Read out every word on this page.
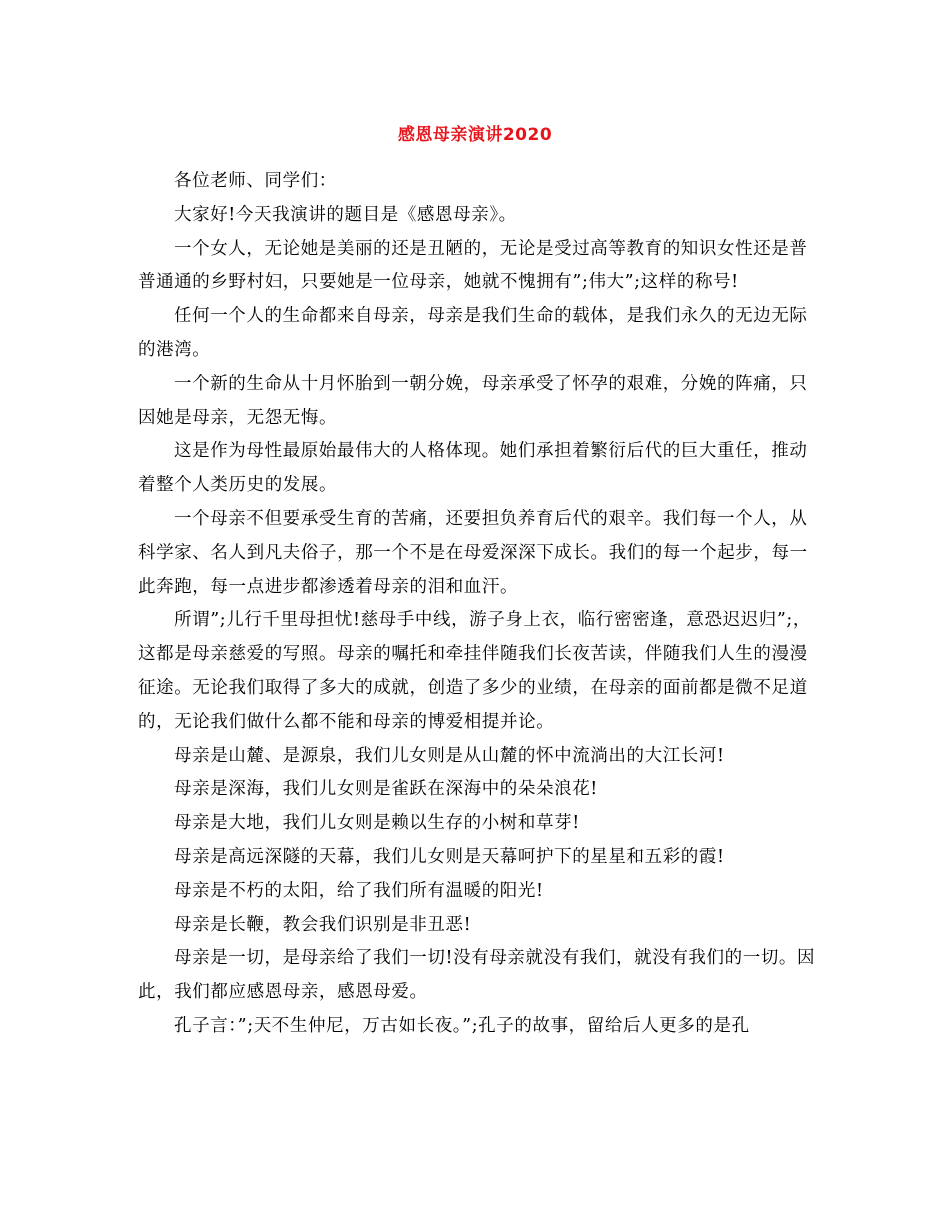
感恩母亲演讲2020

各位老师、同学们：

大家好!今天我演讲的题目是《感恩母亲》。

一个女人，无论她是美丽的还是丑陋的，无论是受过高等教育的知识女性还是普普通通的乡野村妇，只要她是一位母亲，她就不愧拥有”;伟大”;这样的称号!

任何一个人的生命都来自母亲，母亲是我们生命的载体，是我们永久的无边无际的港湾。

一个新的生命从十月怀胎到一朝分娩，母亲承受了怀孕的艰难，分娩的阵痛，只因她是母亲，无怨无悔。

这是作为母性最原始最伟大的人格体现。她们承担着繁衍后代的巨大重任，推动着整个人类历史的发展。

一个母亲不但要承受生育的苦痛，还要担负养育后代的艰辛。我们每一个人，从科学家、名人到凡夫俗子，那一个不是在母爱深深下成长。我们的每一个起步，每一此奔跑，每一点进步都渗透着母亲的泪和血汗。

所谓”;儿行千里母担忧!慈母手中线，游子身上衣，临行密密逢，意恐迟迟归”;，这都是母亲慈爱的写照。母亲的嘱托和牵挂伴随我们长夜苦读，伴随我们人生的漫漫征途。无论我们取得了多大的成就，创造了多少的业绩，在母亲的面前都是微不足道的，无论我们做什么都不能和母亲的博爱相提并论。

母亲是山麓、是源泉，我们儿女则是从山麓的怀中流淌出的大江长河!

母亲是深海，我们儿女则是雀跃在深海中的朵朵浪花!

母亲是大地，我们儿女则是赖以生存的小树和草芽!

母亲是高远深隧的天幕，我们儿女则是天幕呵护下的星星和五彩的霞!

母亲是不朽的太阳，给了我们所有温暖的阳光!

母亲是长鞭，教会我们识别是非丑恶!

母亲是一切，是母亲给了我们一切!没有母亲就没有我们，就没有我们的一切。因此，我们都应感恩母亲，感恩母爱。

孔子言：”;天不生仲尼，万古如长夜。”;孔子的故事，留给后人更多的是孔
